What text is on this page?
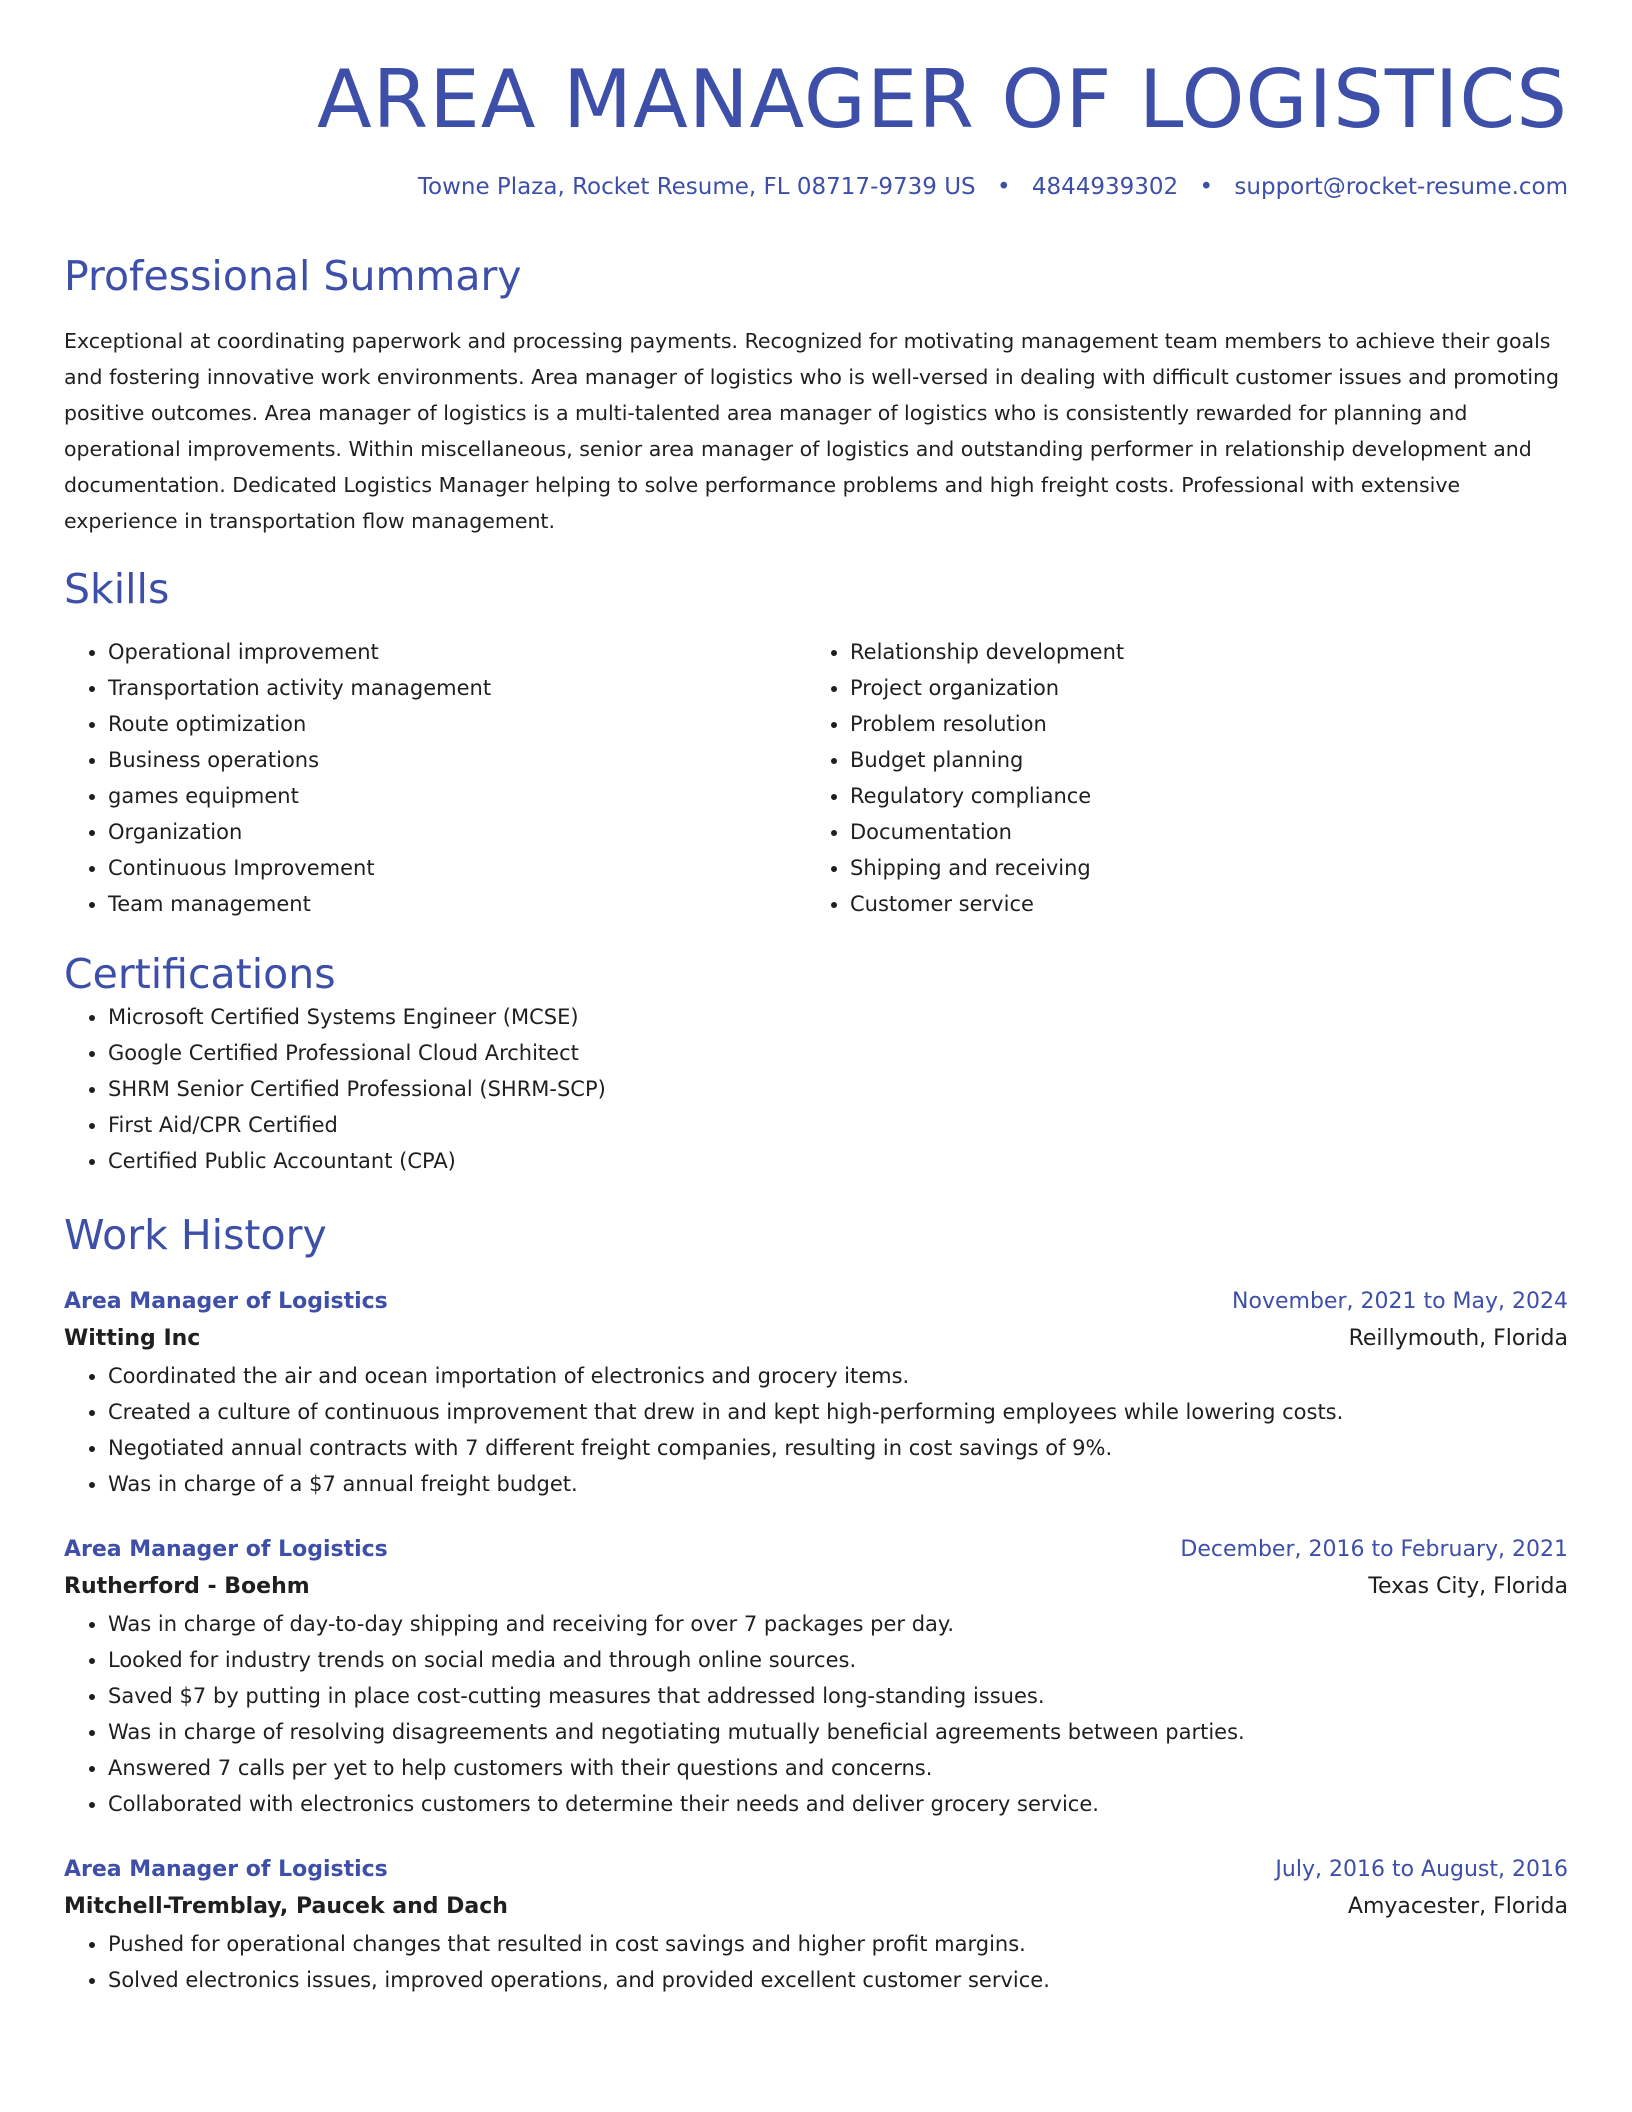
AREA MANAGER OF LOGISTICS
Towne Plaza, Rocket Resume, FL 08717-9739 US • 4844939302 • support@rocket-resume.com
Professional Summary
Exceptional at coordinating paperwork and processing payments. Recognized for motivating management team members to achieve their goals and fostering innovative work environments. Area manager of logistics who is well-versed in dealing with difficult customer issues and promoting positive outcomes. Area manager of logistics is a multi-talented area manager of logistics who is consistently rewarded for planning and operational improvements. Within miscellaneous, senior area manager of logistics and outstanding performer in relationship development and documentation. Dedicated Logistics Manager helping to solve performance problems and high freight costs. Professional with extensive experience in transportation flow management.
Skills
• Operational improvement
• Transportation activity management
• Route optimization
• Business operations
• games equipment
• Organization
• Continuous Improvement
• Team management
• Relationship development
• Project organization
• Problem resolution
• Budget planning
• Regulatory compliance
• Documentation
• Shipping and receiving
• Customer service
Certifications
• Microsoft Certified Systems Engineer (MCSE)
• Google Certified Professional Cloud Architect
• SHRM Senior Certified Professional (SHRM-SCP)
• First Aid/CPR Certified
• Certified Public Accountant (CPA)
Work History
Area Manager of Logistics	November, 2021 to May, 2024
Witting Inc	Reillymouth, Florida
• Coordinated the air and ocean importation of electronics and grocery items.
• Created a culture of continuous improvement that drew in and kept high-performing employees while lowering costs.
• Negotiated annual contracts with 7 different freight companies, resulting in cost savings of 9%.
• Was in charge of a $7 annual freight budget.
Area Manager of Logistics	December, 2016 to February, 2021
Rutherford - Boehm	Texas City, Florida
• Was in charge of day-to-day shipping and receiving for over 7 packages per day.
• Looked for industry trends on social media and through online sources.
• Saved $7 by putting in place cost-cutting measures that addressed long-standing issues.
• Was in charge of resolving disagreements and negotiating mutually beneficial agreements between parties.
• Answered 7 calls per yet to help customers with their questions and concerns.
• Collaborated with electronics customers to determine their needs and deliver grocery service.
Area Manager of Logistics	July, 2016 to August, 2016
Mitchell-Tremblay, Paucek and Dach	Amyacester, Florida
• Pushed for operational changes that resulted in cost savings and higher profit margins.
• Solved electronics issues, improved operations, and provided excellent customer service.
